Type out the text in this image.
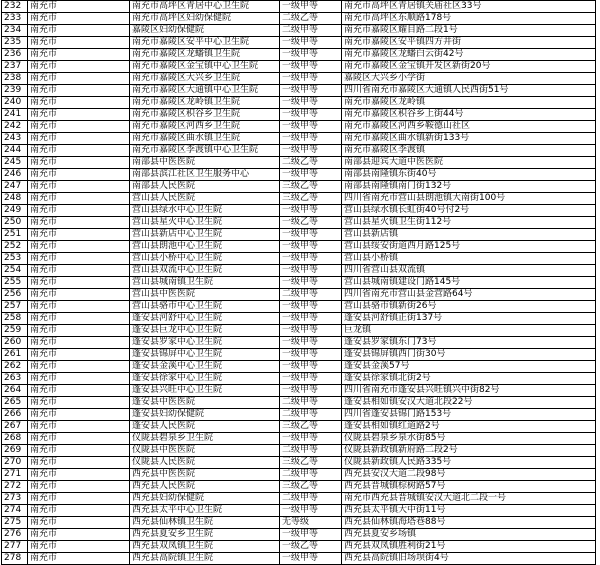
232	南充市	南充市高坪区青居中心卫生院	一级甲等	南充市高坪区青居镇关庙社区33号
233	南充市	南充市高坪区妇幼保健院	二级乙等	南充市高坪区东顺路178号
234	南充市	嘉陵区妇幼保健院	二级甲等	南充市嘉陵区耀目路二段1号
235	南充市	南充市嘉陵区安平中心卫生院	一级甲等	南充市嘉陵区安平镇四方井街
236	南充市	南充市嘉陵区龙蟠镇卫生院	一级甲等	南充市嘉陵区龙蟠白云街42号
237	南充市	南充市嘉陵区金宝镇中心卫生院	一级甲等	南充市嘉陵区金宝镇开发区新街20号
238	南充市	南充市嘉陵区大兴乡卫生院	一级甲等	嘉陵区大兴乡小学街
239	南充市	南充市嘉陵区大通镇中心卫生院	一级甲等	四川省南充市嘉陵区大通镇人民西街51号
240	南充市	南充市嘉陵区龙岭镇卫生院	一级甲等	南充市嘉陵区龙岭镇
241	南充市	南充市嘉陵区积谷乡卫生院	一级甲等	南充市嘉陵区积谷乡上街44号
242	南充市	南充市嘉陵区河西乡卫生院	一级甲等	南充市嘉陵区河西乡鞍德山社区
243	南充市	南充市嘉陵区曲水镇卫生院	一级甲等	南充市嘉陵区曲水镇新街133号
244	南充市	南充市嘉陵区李渡镇中心卫生院	一级甲等	南充市嘉陵区李渡镇
245	南充市	南部县中医医院	二级乙等	南部县迎宾大道中医医院
246	南充市	南部县滨江社区卫生服务中心	一级甲等	南部县南隆镇东街40号
247	南充市	南部县人民医院	三级乙等	南部县南隆镇南门街132号
248	南充市	营山县人民医院	三级乙等	四川省南充市营山县朗池镇大南街100号
249	南充市	营山县绿水中心卫生院	一级甲等	营山县绿水镇长虹街40号付2号
250	南充市	营山县星火中心卫生院	一级乙等	营山县星火镇卫生街112号
251	南充市	营山县新店中心卫生院	一级甲等	营山县新店镇
252	南充市	营山县朗池中心卫生院	一级甲等	营山县绥安街道西月路125号
253	南充市	营山县小桥中心卫生院	一级甲等	营山县小桥镇
254	南充市	营山县双流中心卫生院	一级甲等	四川省营山县双流镇
255	南充市	营山县城南镇卫生院	一级甲等	营山县城南镇建设门路145号
256	南充市	营山县中医医院	二级甲等	四川省南充市营山县金营路64号
257	南充市	营山县骆市中心卫生院	一级甲等	营山县骆市镇新街26号
258	南充市	蓬安县河舒中心卫生院	一级甲等	蓬安县河舒镇正街137号
259	南充市	蓬安县巨龙中心卫生院	一级甲等	巨龙镇
260	南充市	蓬安县罗家中心卫生院	一级甲等	蓬安县罗家镇东门73号
261	南充市	蓬安县锦屏中心卫生院	一级甲等	蓬安县锦屏镇西门街30号
262	南充市	蓬安县金溪中心卫生院	一级甲等	蓬安县金溪57号
263	南充市	蓬安县徐家中心卫生院	一级甲等	蓬安县徐家镇北街2号
264	南充市	蓬安县兴旺中心卫生院	一级甲等	四川省南充市蓬安县兴旺镇兴中街82号
265	南充市	蓬安县中医医院	二级甲等	蓬安县相如镇安汉大道北段22号
266	南充市	蓬安县妇幼保健院	二级甲等	四川省蓬安县锦门路153号
267	南充市	蓬安县人民医院	三级乙等	蓬安县相如镇红道路2号
268	南充市	仪陇县碧泉乡卫生院	一级甲等	仪陇县碧泉乡泉水街85号
269	南充市	仪陇县中医医院	二级甲等	仪陇县新政镇新府路二段2号
270	南充市	仪陇县人民医院	三级乙等	仪陇县新政镇人民路335号
271	南充市	西充县中医医院	二级甲等	西充县安汉大道二段98号
272	南充市	西充县人民医院	三级乙等	西充县晋城镇棕树路57号
273	南充市	西充县妇幼保健院	二级甲等	南充市西充县晋城镇安汉大道北二段一号
274	南充市	西充县太平中心卫生院	一级甲等	西充县太平镇大中街11号
275	南充市	西充县仙林镇卫生院	无等级	西充县仙林镇海塔巷88号
276	南充市	西充县夏安乡卫生院	一级甲等	西充县夏安乡场镇
277	南充市	西充县双凤镇卫生院	一级乙等	西充县双凤镇胜利街21号
278	南充市	西充县高院镇卫生院	一级甲等	西充县高院镇旧场坝街4号
